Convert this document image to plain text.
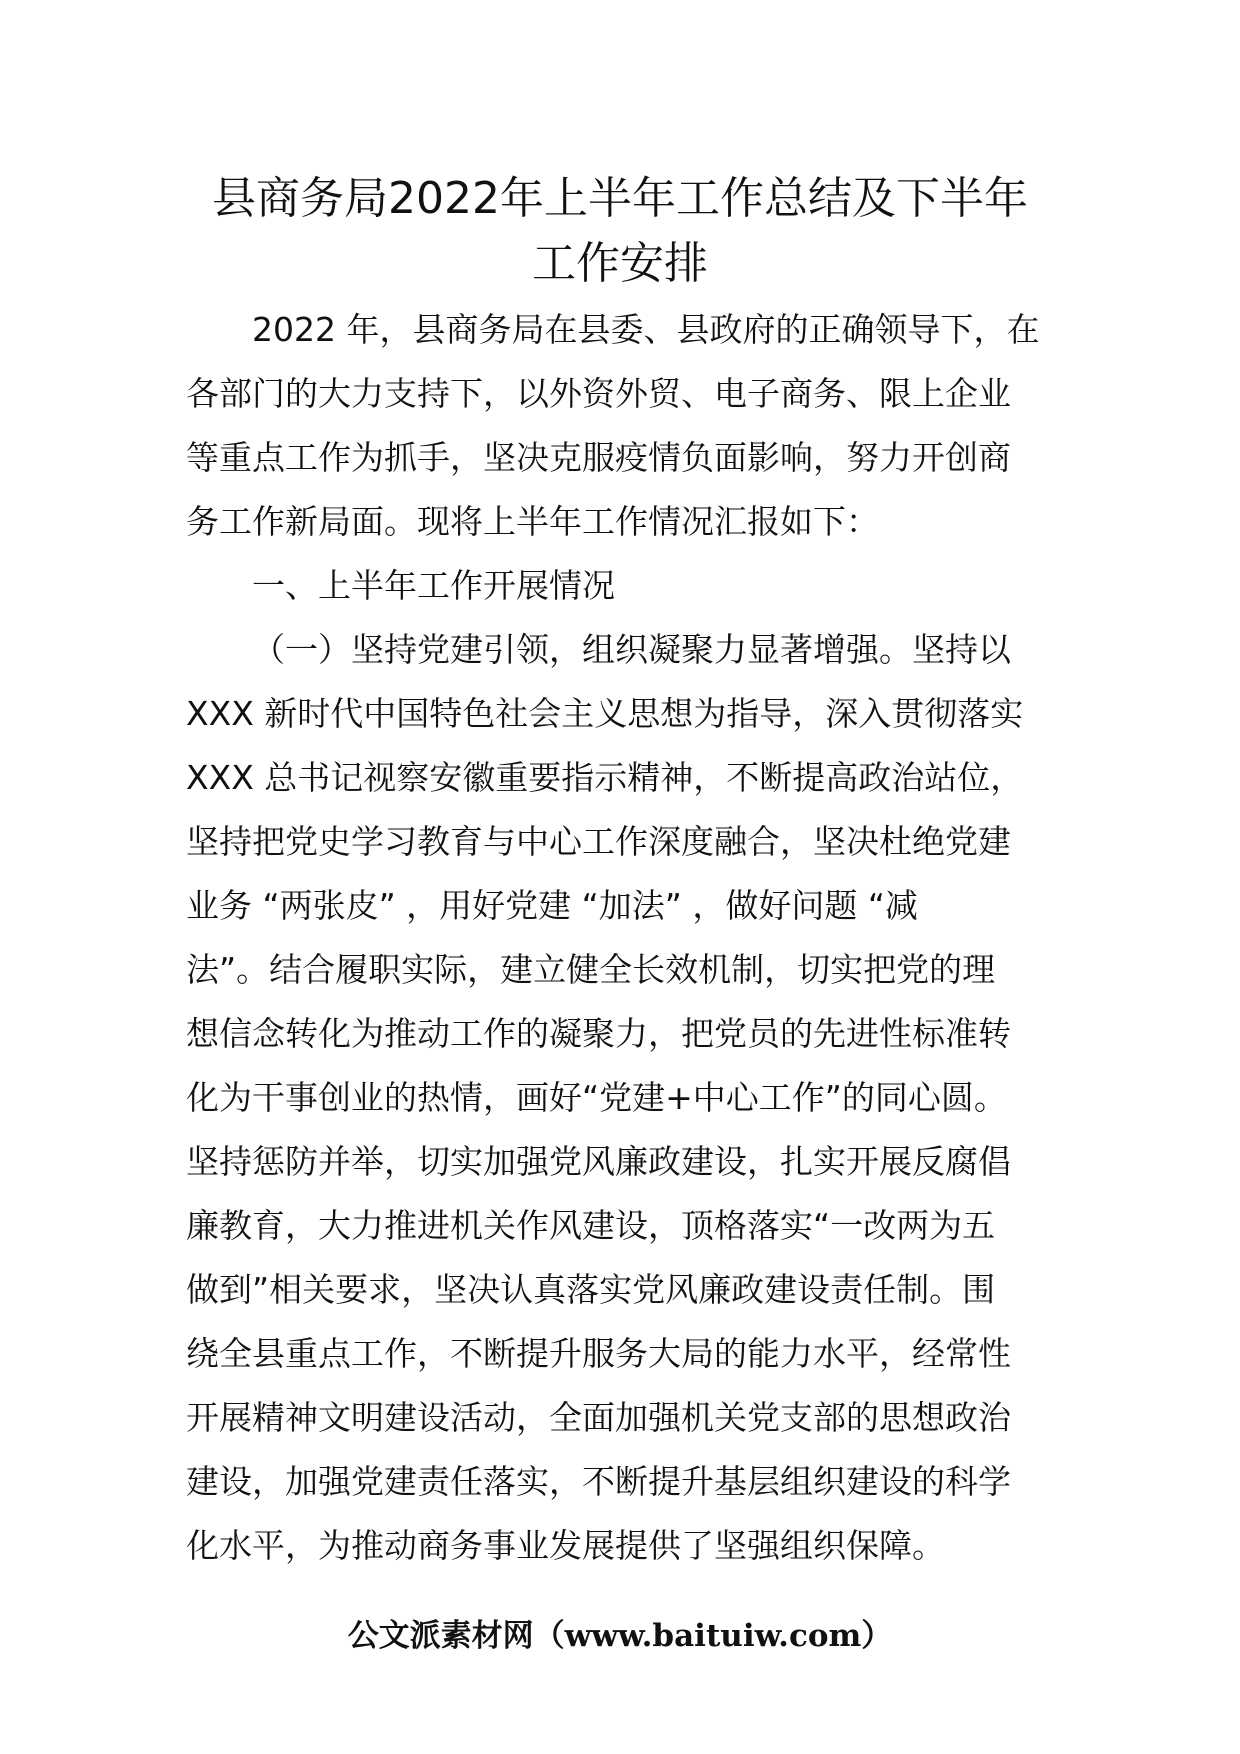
县商务局2022年上半年工作总结及下半年
工作安排
2022 年，县商务局在县委、县政府的正确领导下，在
各部门的大力支持下，以外资外贸、电子商务、限上企业
等重点工作为抓手，坚决克服疫情负面影响，努力开创商
务工作新局面。现将上半年工作情况汇报如下：
一、上半年工作开展情况
（一）坚持党建引领，组织凝聚力显著增强。坚持以
XXX 新时代中国特色社会主义思想为指导，深入贯彻落实
XXX 总书记视察安徽重要指示精神，不断提高政治站位，
坚持把党史学习教育与中心工作深度融合，坚决杜绝党建
业务 “两张皮” ，用好党建 “加法” ，做好问题 “减
法”。结合履职实际，建立健全长效机制，切实把党的理
想信念转化为推动工作的凝聚力，把党员的先进性标准转
化为干事创业的热情，画好“党建+中心工作”的同心圆。
坚持惩防并举，切实加强党风廉政建设，扎实开展反腐倡
廉教育，大力推进机关作风建设，顶格落实“一改两为五
做到”相关要求，坚决认真落实党风廉政建设责任制。围
绕全县重点工作，不断提升服务大局的能力水平，经常性
开展精神文明建设活动，全面加强机关党支部的思想政治
建设，加强党建责任落实，不断提升基层组织建设的科学
化水平，为推动商务事业发展提供了坚强组织保障。
公文派素材网（www.baituiw.com）
